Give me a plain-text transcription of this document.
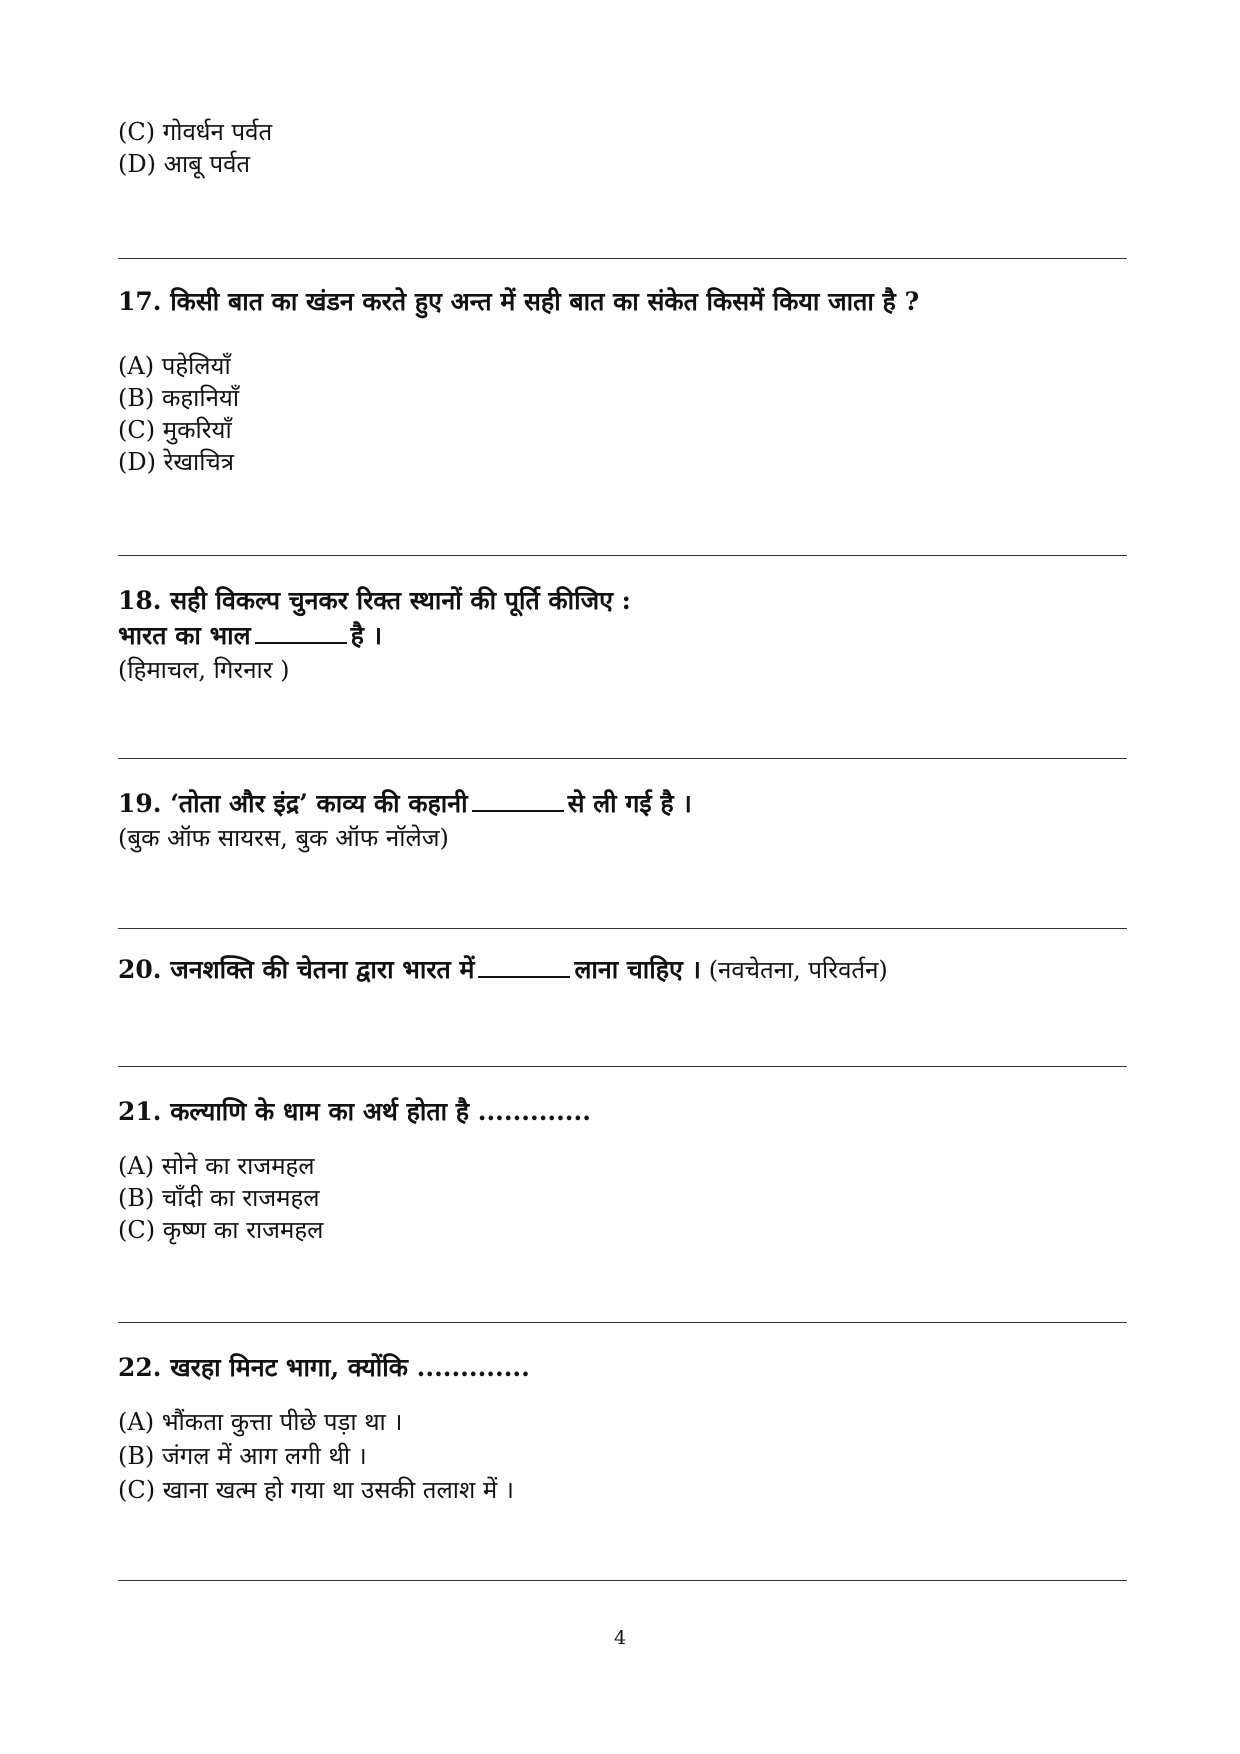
(C) गोवर्धन पर्वत
(D) आबू पर्वत
17. किसी बात का खंडन करते हुए अन्त में सही बात का संकेत किसमें किया जाता है ?
(A) पहेलियाँ
(B) कहानियाँ
(C) मुकरियाँ
(D) रेखाचित्र
18. सही विकल्प चुनकर रिक्त स्थानों की पूर्ति कीजिए :
भारत का भाल	है ।
(हिमाचल, गिरनार )
19. ‘तोता और इंद्र’ काव्य की कहानी	से ली गई है ।
(बुक ऑफ सायरस, बुक ऑफ नॉलेज)
20. जनशक्ति की चेतना द्वारा भारत में	लाना चाहिए । (नवचेतना, परिवर्तन)
21. कल्याणि के धाम का अर्थ होता है .............
(A) सोने का राजमहल
(B) चाँदी का राजमहल
(C) कृष्ण का राजमहल
22. खरहा मिनट भागा, क्योंकि .............
(A) भौंकता कुत्ता पीछे पड़ा था ।
(B) जंगल में आग लगी थी ।
(C) खाना खत्म हो गया था उसकी तलाश में ।
4
